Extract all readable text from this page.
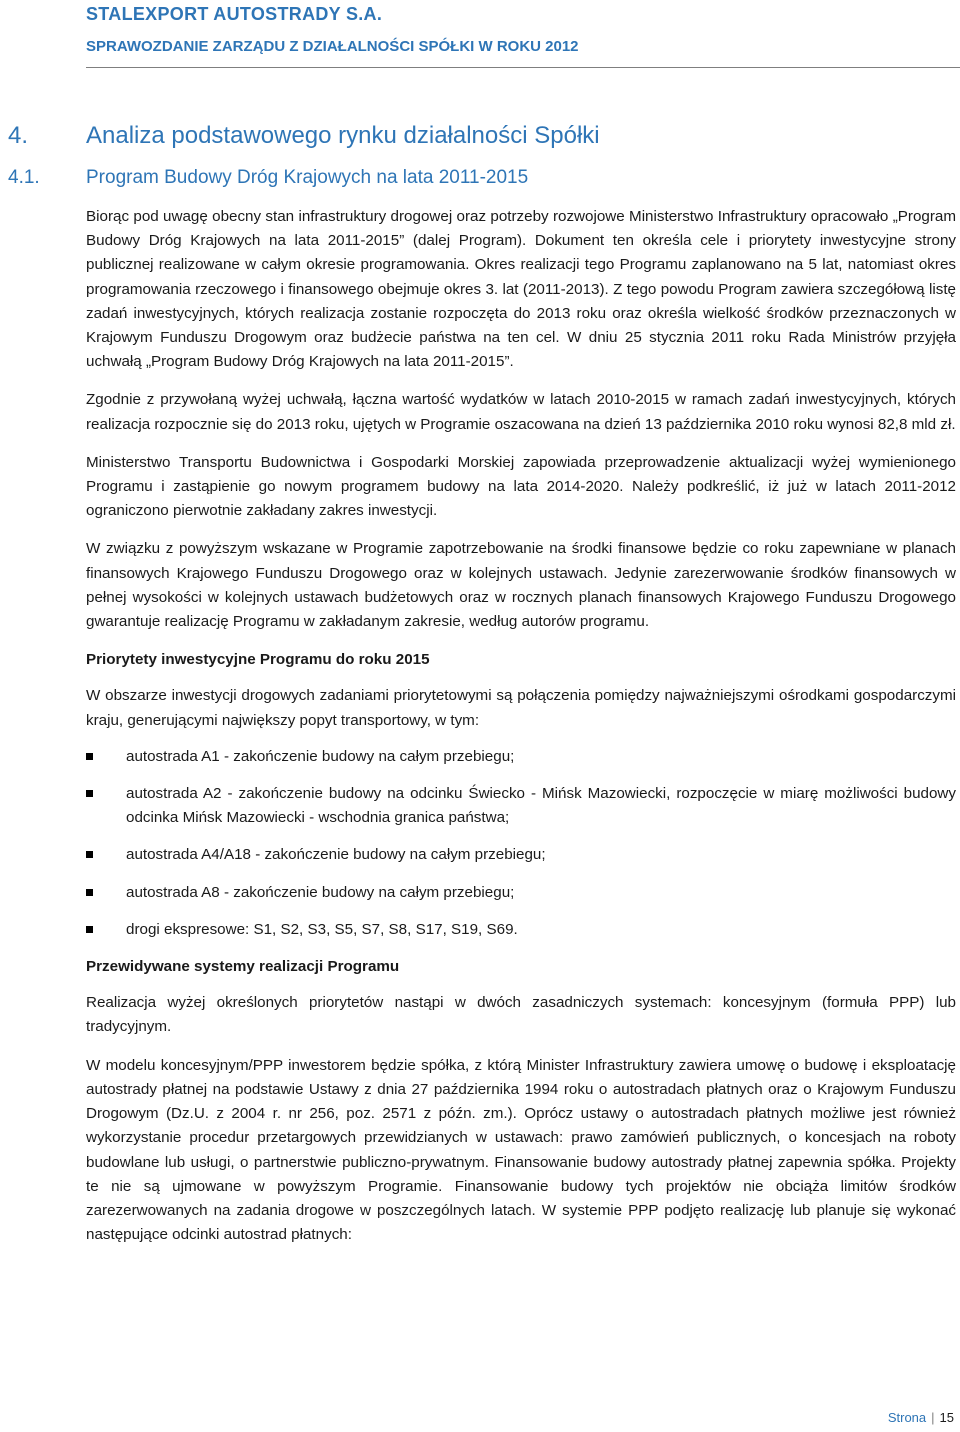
STALEXPORT AUTOSTRADY S.A.
SPRAWOZDANIE ZARZĄDU Z DZIAŁALNOŚCI SPÓŁKI W ROKU 2012
4. Analiza podstawowego rynku działalności Spółki
4.1. Program Budowy Dróg Krajowych na lata 2011-2015

Biorąc pod uwagę obecny stan infrastruktury drogowej oraz potrzeby rozwojowe Ministerstwo Infrastruktury opracowało „Program Budowy Dróg Krajowych na lata 2011-2015” (dalej Program). Dokument ten określa cele i priorytety inwestycyjne strony publicznej realizowane w całym okresie programowania. Okres realizacji tego Programu zaplanowano na 5 lat, natomiast okres programowania rzeczowego i finansowego obejmuje okres 3. lat (2011-2013). Z tego powodu Program zawiera szczegółową listę zadań inwestycyjnych, których realizacja zostanie rozpoczęta do 2013 roku oraz określa wielkość środków przeznaczonych w Krajowym Funduszu Drogowym oraz budżecie państwa na ten cel. W dniu 25 stycznia 2011 roku Rada Ministrów przyjęła uchwałą „Program Budowy Dróg Krajowych na lata 2011-2015”.

Zgodnie z przywołaną wyżej uchwałą, łączna wartość wydatków w latach 2010-2015 w ramach zadań inwestycyjnych, których realizacja rozpocznie się do 2013 roku, ujętych w Programie oszacowana na dzień 13 października 2010 roku wynosi 82,8 mld zł.

Ministerstwo Transportu Budownictwa i Gospodarki Morskiej zapowiada przeprowadzenie aktualizacji wyżej wymienionego Programu i zastąpienie go nowym programem budowy na lata 2014-2020. Należy podkreślić, iż już w latach 2011-2012 ograniczono pierwotnie zakładany zakres inwestycji.

W związku z powyższym wskazane w Programie zapotrzebowanie na środki finansowe będzie co roku zapewniane w planach finansowych Krajowego Funduszu Drogowego oraz w kolejnych ustawach. Jedynie zarezerwowanie środków finansowych w pełnej wysokości w kolejnych ustawach budżetowych oraz w rocznych planach finansowych Krajowego Funduszu Drogowego gwarantuje realizację Programu w zakładanym zakresie, według autorów programu.

Priorytety inwestycyjne Programu do roku 2015

W obszarze inwestycji drogowych zadaniami priorytetowymi są połączenia pomiędzy najważniejszymi ośrodkami gospodarczymi kraju, generującymi największy popyt transportowy, w tym:

autostrada A1 - zakończenie budowy na całym przebiegu;
autostrada A2 - zakończenie budowy na odcinku Świecko - Mińsk Mazowiecki, rozpoczęcie w miarę możliwości budowy odcinka Mińsk Mazowiecki - wschodnia granica państwa;
autostrada A4/A18 - zakończenie budowy na całym przebiegu;
autostrada A8 - zakończenie budowy na całym przebiegu;
drogi ekspresowe: S1, S2, S3, S5, S7, S8, S17, S19, S69.
Przewidywane systemy realizacji Programu

Realizacja wyżej określonych priorytetów nastąpi w dwóch zasadniczych systemach: koncesyjnym (formuła PPP) lub tradycyjnym.

W modelu koncesyjnym/PPP inwestorem będzie spółka, z którą Minister Infrastruktury zawiera umowę o budowę i eksploatację autostrady płatnej na podstawie Ustawy z dnia 27 października 1994 roku o autostradach płatnych oraz o Krajowym Funduszu Drogowym (Dz.U. z 2004 r. nr 256, poz. 2571 z późn. zm.). Oprócz ustawy o autostradach płatnych możliwe jest również wykorzystanie procedur przetargowych przewidzianych w ustawach: prawo zamówień publicznych, o koncesjach na roboty budowlane lub usługi, o partnerstwie publiczno-prywatnym. Finansowanie budowy autostrady płatnej zapewnia spółka. Projekty te nie są ujmowane w powyższym Programie. Finansowanie budowy tych projektów nie obciąża limitów środków zarezerwowanych na zadania drogowe w poszczególnych latach. W systemie PPP podjęto realizację lub planuje się wykonać następujące odcinki autostrad płatnych:

Strona | 15
